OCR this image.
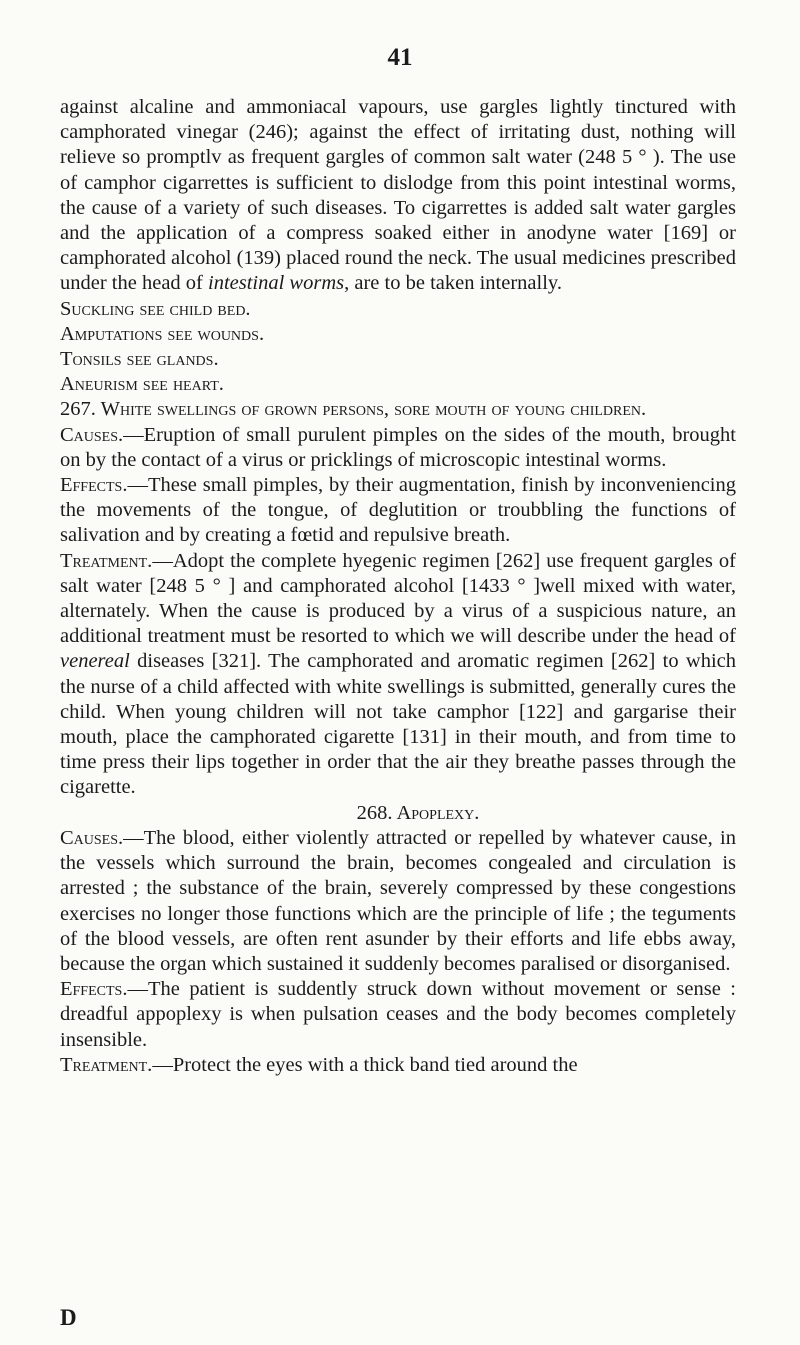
41

against alcaline and ammoniacal vapours, use gargles lightly tinctured with camphorated vinegar (246); against the effect of irritating dust, nothing will relieve so promptlv as frequent gargles of common salt water (248 5 ° ). The use of camphor cigarrettes is sufficient to dislodge from this point intestinal worms, the cause of a variety of such diseases. To cigarrettes is added salt water gargles and the application of a compress soaked either in anodyne water [169] or camphorated alcohol (139) placed round the neck. The usual medicines prescribed under the head of intestinal worms, are to be taken internally.

Suckling see child bed.

Amputations see wounds.

Tonsils see glands.

Aneurism see heart.

267. White swellings of grown persons, sore mouth of young children.

Causes.—Eruption of small purulent pimples on the sides of the mouth, brought on by the contact of a virus or pricklings of microscopic intestinal worms.

Effects.—These small pimples, by their augmentation, finish by inconveniencing the movements of the tongue, of deglutition or troubbling the functions of salivation and by creating a fœtid and repulsive breath.

Treatment.—Adopt the complete hyegenic regimen [262] use frequent gargles of salt water [248 5 ° ] and camphorated alcohol [1433 ° ]well mixed with water, alternately. When the cause is produced by a virus of a suspicious nature, an additional treatment must be resorted to which we will describe under the head of venereal diseases [321]. The camphorated and aromatic regimen [262] to which the nurse of a child affected with white swellings is submitted, generally cures the child. When young children will not take camphor [122] and gargarise their mouth, place the camphorated cigarette [131] in their mouth, and from time to time press their lips together in order that the air they breathe passes through the cigarette.

268. Apoplexy.

Causes.—The blood, either violently attracted or repelled by whatever cause, in the vessels which surround the brain, becomes congealed and circulation is arrested ; the substance of the brain, severely compressed by these congestions exercises no longer those functions which are the principle of life ; the teguments of the blood vessels, are often rent asunder by their efforts and life ebbs away, because the organ which sustained it suddenly becomes paralised or disorganised.

Effects.—The patient is suddently struck down without movement or sense : dreadful appoplexy is when pulsation ceases and the body becomes completely insensible.

Treatment.—Protect the eyes with a thick band tied around the

D
